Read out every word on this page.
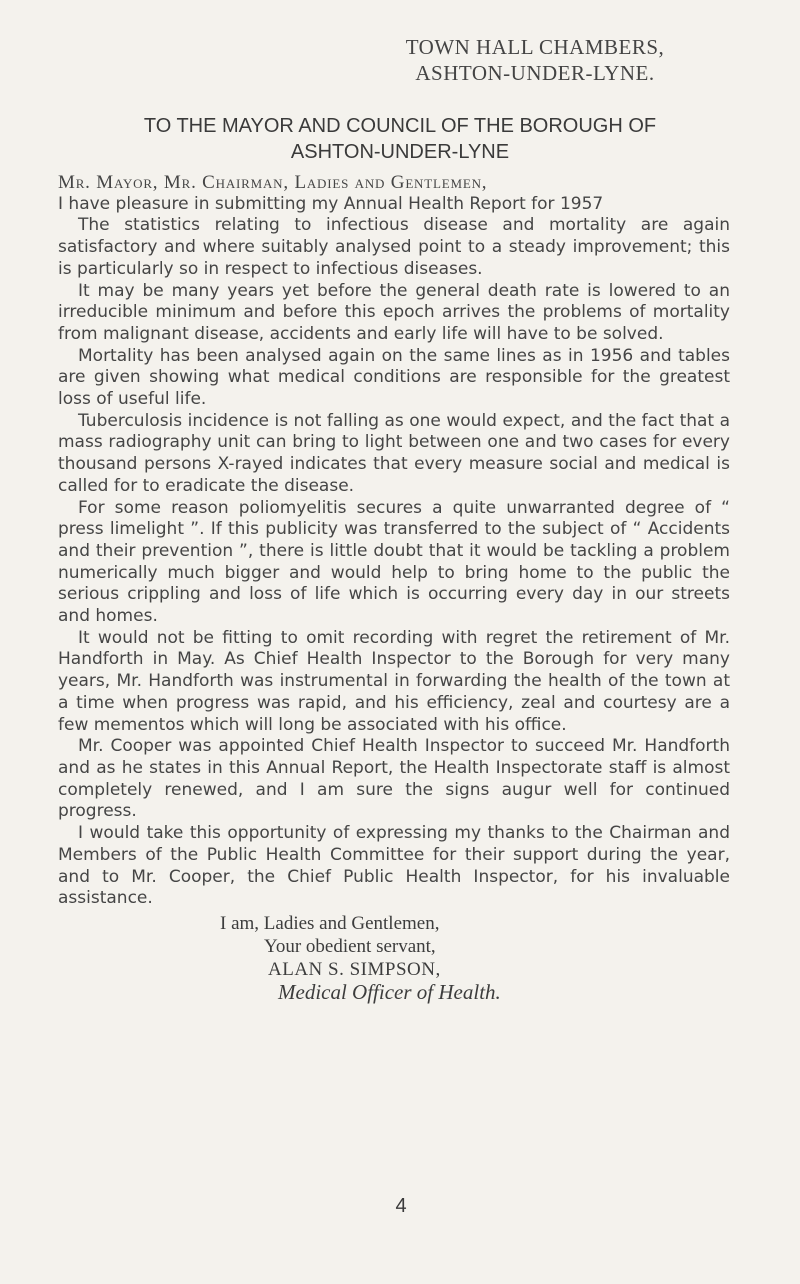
TOWN HALL CHAMBERS,
ASHTON-UNDER-LYNE.
TO THE MAYOR AND COUNCIL OF THE BOROUGH OF
ASHTON-UNDER-LYNE
Mr. Mayor, Mr. Chairman, Ladies and Gentlemen,

I have pleasure in submitting my Annual Health Report for 1957

The statistics relating to infectious disease and mortality are again satisfactory and where suitably analysed point to a steady improvement; this is particularly so in respect to infectious diseases.

It may be many years yet before the general death rate is lowered to an irreducible minimum and before this epoch arrives the problems of mortality from malignant disease, accidents and early life will have to be solved.

Mortality has been analysed again on the same lines as in 1956 and tables are given showing what medical conditions are responsible for the greatest loss of useful life.

Tuberculosis incidence is not falling as one would expect, and the fact that a mass radiography unit can bring to light between one and two cases for every thousand persons X-rayed indicates that every measure social and medical is called for to eradicate the disease.

For some reason poliomyelitis secures a quite unwarranted degree of “ press limelight ”. If this publicity was transferred to the subject of “ Accidents and their prevention ”, there is little doubt that it would be tackling a problem numerically much bigger and would help to bring home to the public the serious crippling and loss of life which is occurring every day in our streets and homes.

It would not be fitting to omit recording with regret the retirement of Mr. Handforth in May. As Chief Health Inspector to the Borough for very many years, Mr. Handforth was instrumental in forwarding the health of the town at a time when progress was rapid, and his efficiency, zeal and courtesy are a few mementos which will long be associated with his office.

Mr. Cooper was appointed Chief Health Inspector to succeed Mr. Handforth and as he states in this Annual Report, the Health Inspectorate staff is almost completely renewed, and I am sure the signs augur well for continued progress.

I would take this opportunity of expressing my thanks to the Chairman and Members of the Public Health Committee for their support during the year, and to Mr. Cooper, the Chief Public Health Inspector, for his invaluable assistance.

I am, Ladies and Gentlemen,
Your obedient servant,
ALAN S. SIMPSON,
Medical Officer of Health.
4
